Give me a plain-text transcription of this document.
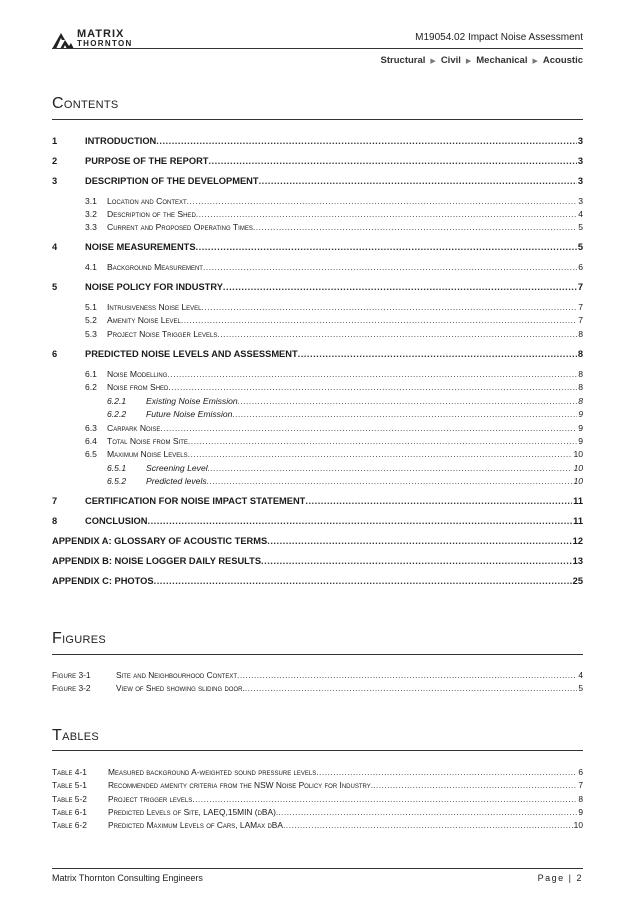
MATRIX
THORNTON
M19054.02 Impact Noise Assessment
Structural ▶ Civil ▶ Mechanical ▶ Acoustic
Contents
1	INTRODUCTION .....	3
2	PURPOSE OF THE REPORT .....	3
3	DESCRIPTION OF THE DEVELOPMENT .....	3
3.1	Location and Context .....	3
3.2	Description of the Shed .....	4
3.3	Current and Proposed Operating Times .....	5
4	NOISE MEASUREMENTS .....	5
4.1	Background Measurement .....	6
5	NOISE POLICY FOR INDUSTRY .....	7
5.1	Intrusiveness Noise Level .....	7
5.2	Amenity Noise Level .....	7
5.3	Project Noise Trigger Levels .....	8
6	PREDICTED NOISE LEVELS AND ASSESSMENT .....	8
6.1	Noise Modelling .....	8
6.2	Noise from Shed .....	8
6.2.1	Existing Noise Emission .....	8
6.2.2	Future Noise Emission .....	9
6.3	Carpark Noise .....	9
6.4	Total Noise from Site .....	9
6.5	Maximum Noise Levels .....	10
6.5.1	Screening Level .....	10
6.5.2	Predicted levels .....	10
7	CERTIFICATION FOR NOISE IMPACT STATEMENT .....	11
8	CONCLUSION .....	11
APPENDIX A: GLOSSARY OF ACOUSTIC TERMS .....	12
APPENDIX B: NOISE LOGGER DAILY RESULTS .....	13
APPENDIX C: PHOTOS .....	25
Figures
Figure 3-1	Site and Neighbourhood Context .....	4
Figure 3-2	View of Shed showing sliding door. .....	5
Tables
Table 4-1	Measured background A-weighted sound pressure levels .....	6
Table 5-1	Recommended amenity criteria from the NSW Noise Policy for Industry. .....	7
Table 5-2	Project trigger levels .....	8
Table 6-1	Predicted Levels of Site, LAEQ,15MIN (dBA). .....	9
Table 6-2	Predicted Maximum Levels of Cars, LAMax dBA .....	10
Matrix Thornton Consulting Engineers	Page | 2
